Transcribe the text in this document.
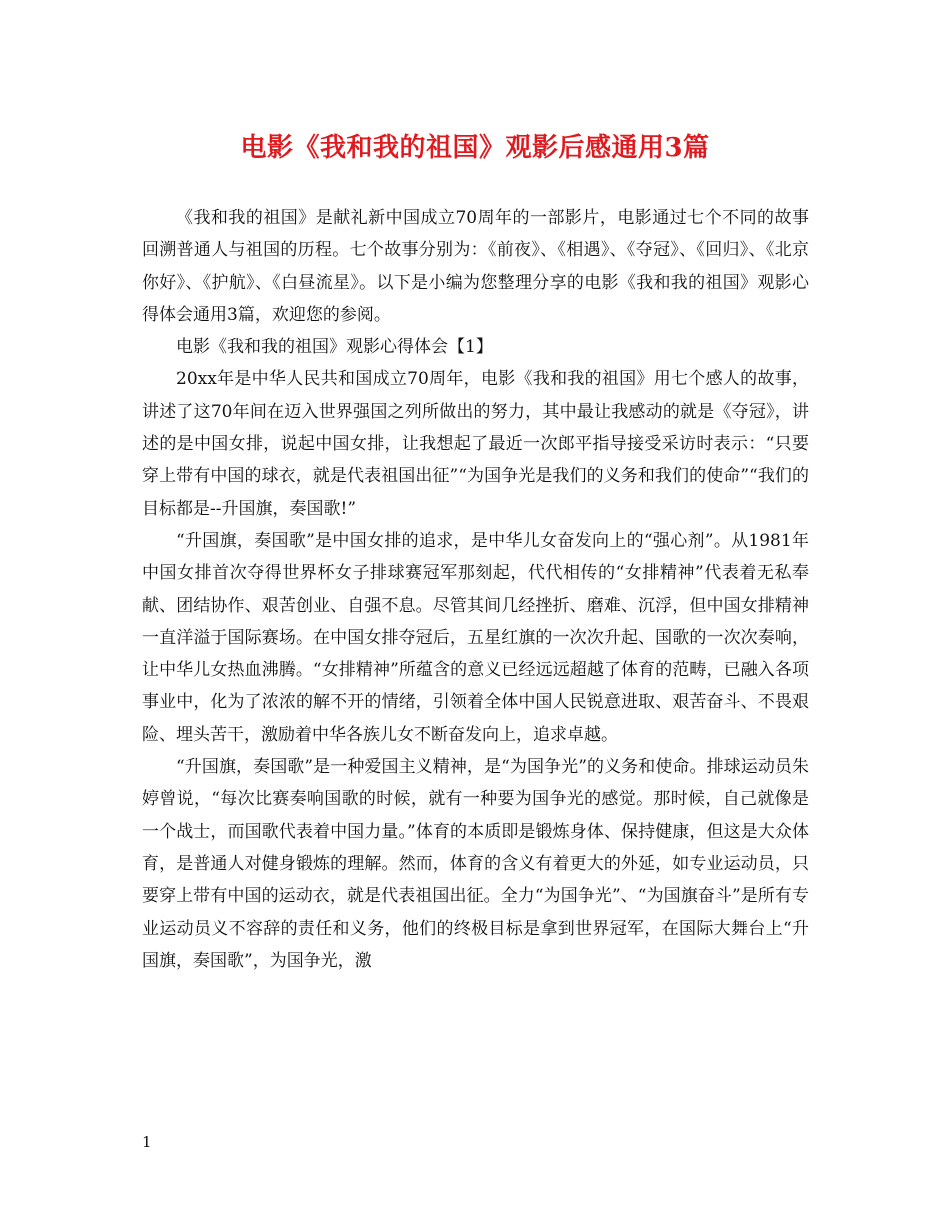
电影《我和我的祖国》观影后感通用3篇

《我和我的祖国》是献礼新中国成立70周年的一部影片，电影通过七个不同的故事回溯普通人与祖国的历程。七个故事分别为：《前夜》、《相遇》、《夺冠》、《回归》、《北京你好》、《护航》、《白昼流星》。以下是小编为您整理分享的电影《我和我的祖国》观影心得体会通用3篇，欢迎您的参阅。

电影《我和我的祖国》观影心得体会【1】

20xx年是中华人民共和国成立70周年，电影《我和我的祖国》用七个感人的故事，讲述了这70年间在迈入世界强国之列所做出的努力，其中最让我感动的就是《夺冠》，讲述的是中国女排，说起中国女排，让我想起了最近一次郎平指导接受采访时表示：“只要穿上带有中国的球衣，就是代表祖国出征”“为国争光是我们的义务和我们的使命”“我们的目标都是--升国旗，奏国歌!”

“升国旗，奏国歌”是中国女排的追求，是中华儿女奋发向上的“强心剂”。从1981年中国女排首次夺得世界杯女子排球赛冠军那刻起，代代相传的“女排精神”代表着无私奉献、团结协作、艰苦创业、自强不息。尽管其间几经挫折、磨难、沉浮，但中国女排精神一直洋溢于国际赛场。在中国女排夺冠后，五星红旗的一次次升起、国歌的一次次奏响，让中华儿女热血沸腾。“女排精神”所蕴含的意义已经远远超越了体育的范畴，已融入各项事业中，化为了浓浓的解不开的情绪，引领着全体中国人民锐意进取、艰苦奋斗、不畏艰险、埋头苦干，激励着中华各族儿女不断奋发向上，追求卓越。

“升国旗，奏国歌”是一种爱国主义精神，是“为国争光”的义务和使命。排球运动员朱婷曾说，“每次比赛奏响国歌的时候，就有一种要为国争光的感觉。那时候，自己就像是一个战士，而国歌代表着中国力量。”体育的本质即是锻炼身体、保持健康，但这是大众体育，是普通人对健身锻炼的理解。然而，体育的含义有着更大的外延，如专业运动员，只要穿上带有中国的运动衣，就是代表祖国出征。全力“为国争光”、“为国旗奋斗”是所有专业运动员义不容辞的责任和义务，他们的终极目标是拿到世界冠军，在国际大舞台上“升国旗，奏国歌”，为国争光，激

1
